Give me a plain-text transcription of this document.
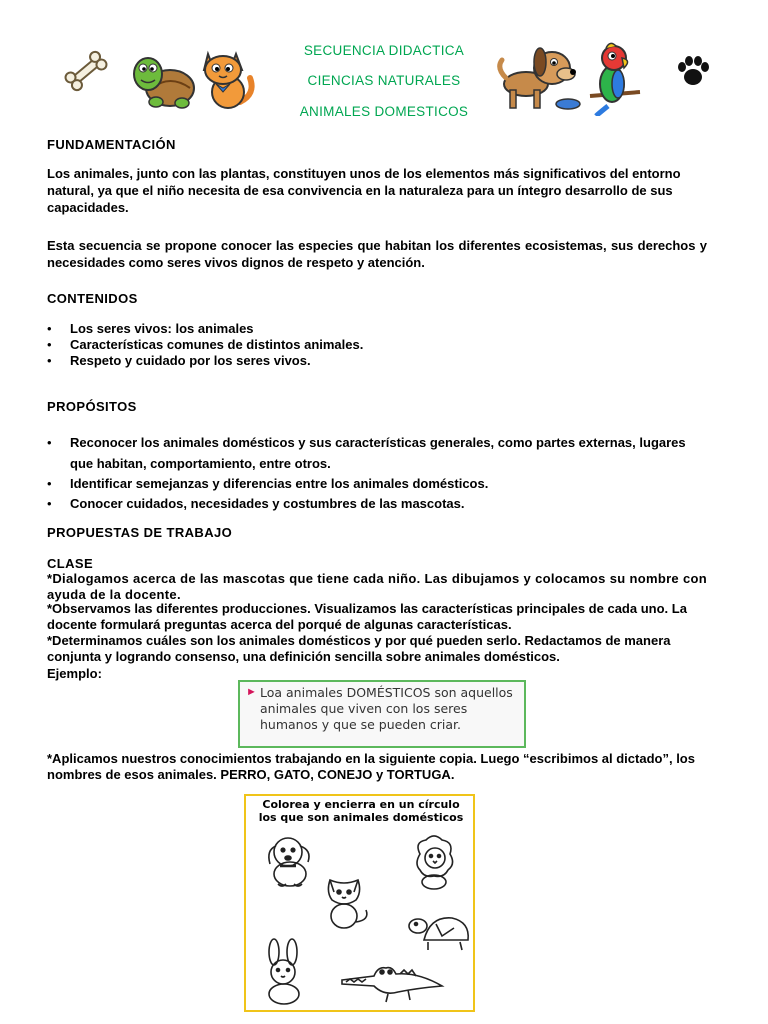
SECUENCIA DIDACTICA
CIENCIAS NATURALES
ANIMALES DOMESTICOS
FUNDAMENTACIÓN
Los animales, junto con las plantas, constituyen unos de los elementos más significativos del entorno natural, ya que el niño necesita de esa convivencia en la naturaleza para un íntegro desarrollo de sus capacidades.
Esta secuencia se propone conocer las especies que habitan los diferentes ecosistemas, sus derechos y necesidades como seres vivos dignos de respeto y atención.
CONTENIDOS
• Los seres vivos: los animales
• Características comunes de distintos animales.
• Respeto y cuidado por los seres vivos.
PROPÓSITOS
• Reconocer los animales domésticos y sus características generales, como partes externas, lugares que habitan, comportamiento, entre otros.
• Identificar semejanzas y diferencias entre los animales domésticos.
• Conocer cuidados, necesidades y costumbres de las mascotas.
PROPUESTAS DE TRABAJO
CLASE
*Dialogamos acerca de las mascotas que tiene cada niño. Las dibujamos y colocamos su nombre con ayuda de la docente.
*Observamos las diferentes producciones. Visualizamos las características principales de cada uno. La docente formulará preguntas acerca del porqué de algunas características.
*Determinamos cuáles son los animales domésticos y por qué pueden serlo. Redactamos de manera conjunta y logrando consenso, una definición sencilla sobre animales domésticos.
Ejemplo:
► Loa animales DOMÉSTICOS son aquellos animales que viven con los seres humanos y que se pueden criar.
*Aplicamos nuestros conocimientos trabajando en la siguiente copia. Luego “escribimos al dictado”, los nombres de esos animales. PERRO, GATO, CONEJO y TORTUGA.
Colorea y encierra en un círculo los que son animales domésticos
